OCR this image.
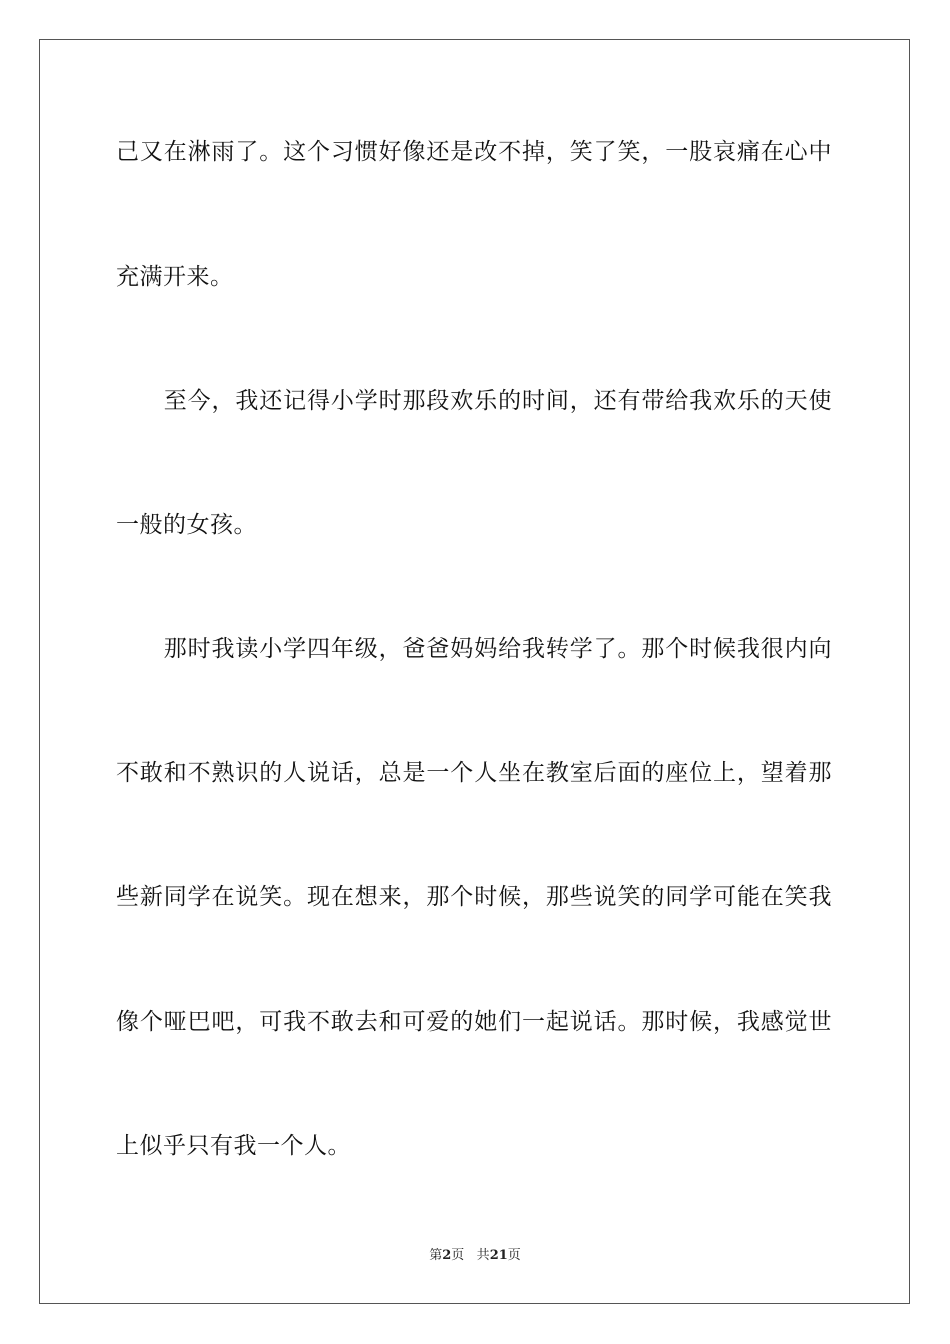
己又在淋雨了。这个习惯好像还是改不掉，笑了笑，一股哀痛在心中
充满开来。
　　至今，我还记得小学时那段欢乐的时间，还有带给我欢乐的天使
一般的女孩。
　　那时我读小学四年级，爸爸妈妈给我转学了。那个时候我很内向
不敢和不熟识的人说话，总是一个人坐在教室后面的座位上，望着那
些新同学在说笑。现在想来，那个时候，那些说笑的同学可能在笑我
像个哑巴吧，可我不敢去和可爱的她们一起说话。那时候，我感觉世
上似乎只有我一个人。
第2页 共21页
